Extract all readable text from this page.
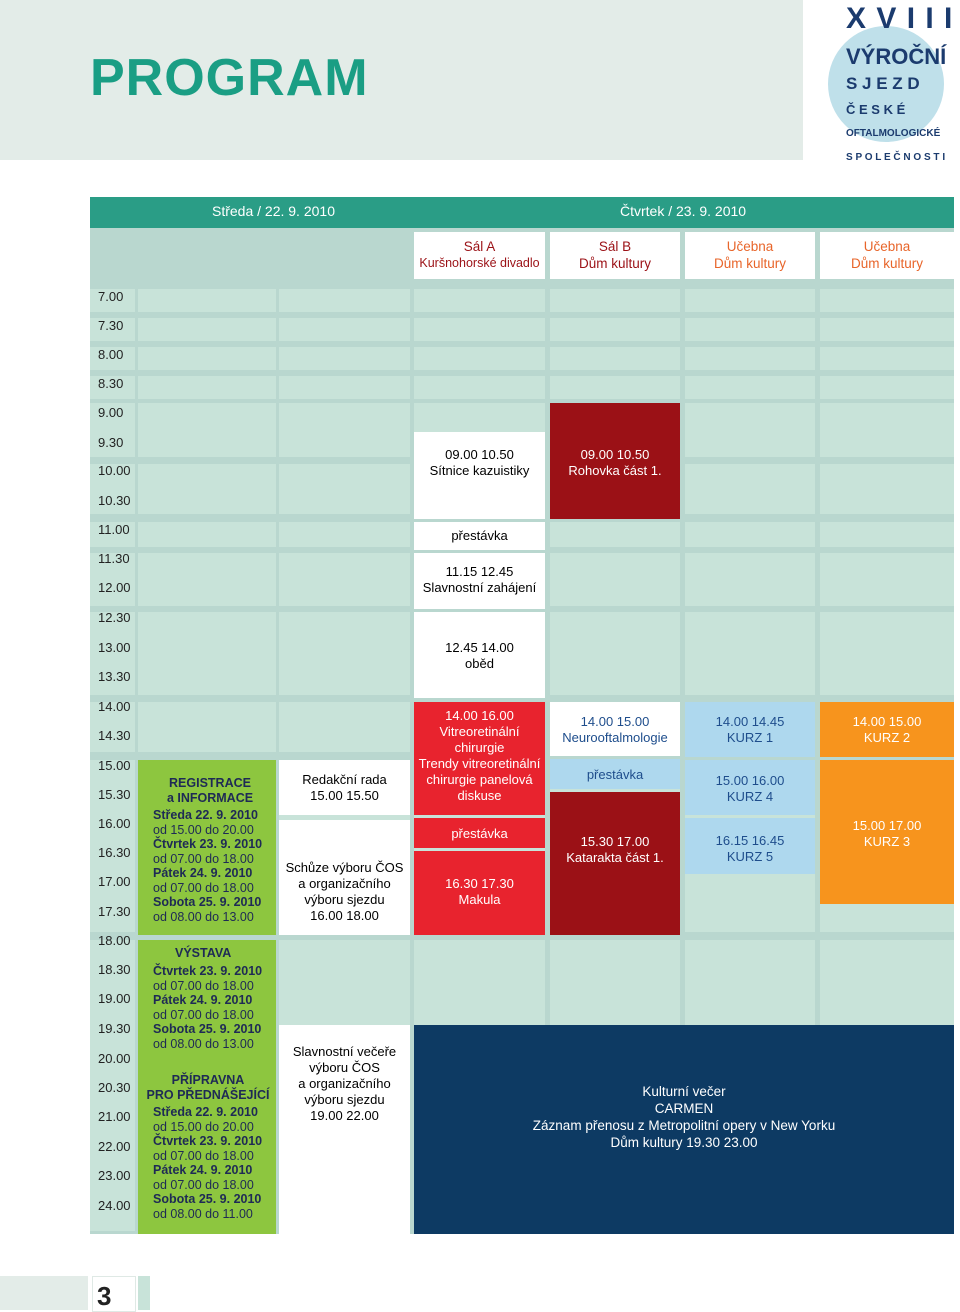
PROGRAM
X V I I I
VÝROČNÍ
S J E Z D
Č E S K É
OFTALMOLOGICKÉ
S P O L E Č N O S T I
Středa / 22. 9. 2010	Čtvrtek / 23. 9. 2010
Sál A
Kuršnohorské divadlo
Sál B
Dům kultury
Učebna
Dům kultury
Učebna
Dům kultury
7.00
7.30
8.00
8.30
9.00
9.30
10.00
10.30
11.00
11.30
12.00
12.30
13.00
13.30
14.00
14.30
15.00
15.30
16.00
16.30
17.00
17.30
18.00
18.30
19.00
19.30
20.00
20.30
21.00
22.00
23.00
24.00
REGISTRACE
a INFORMACE
Středa 22. 9. 2010
od 15.00 do 20.00
Čtvrtek 23. 9. 2010
od 07.00 do 18.00
Pátek 24. 9. 2010
od 07.00 do 18.00
Sobota 25. 9. 2010
od 08.00 do 13.00
VÝSTAVA
Čtvrtek 23. 9. 2010
od 07.00 do 18.00
Pátek 24. 9. 2010
od 07.00 do 18.00
Sobota 25. 9. 2010
od 08.00 do 13.00
PŘÍPRAVNA
PRO PŘEDNÁŠEJÍCÍ
Středa 22. 9. 2010
od 15.00 do 20.00
Čtvrtek 23. 9. 2010
od 07.00 do 18.00
Pátek 24. 9. 2010
od 07.00 do 18.00
Sobota 25. 9. 2010
od 08.00 do 11.00
Redakční rada
15.00 15.50
Schůze výboru ČOS
a organizačního
výboru sjezdu
16.00 18.00
Slavnostní večeře
výboru ČOS
a organizačního
výboru sjezdu
19.00 22.00
09.00 10.50
Sítnice kazuistiky
přestávka
11.15 12.45
Slavnostní zahájení
12.45 14.00
oběd
14.00 16.00
Vitreoretinální
chirurgie
Trendy vitreoretinální
chirurgie panelová
diskuse
přestávka
16.30 17.30
Makula
09.00 10.50
Rohovka část 1.
14.00 15.00
Neurooftalmologie
přestávka
15.30 17.00
Katarakta část 1.
14.00 14.45
KURZ 1
15.00 16.00
KURZ 4
16.15 16.45
KURZ 5
14.00 15.00
KURZ 2
15.00 17.00
KURZ 3
Kulturní večer
CARMEN
Záznam přenosu z Metropolitní opery v New Yorku
Dům kultury 19.30 23.00
3
